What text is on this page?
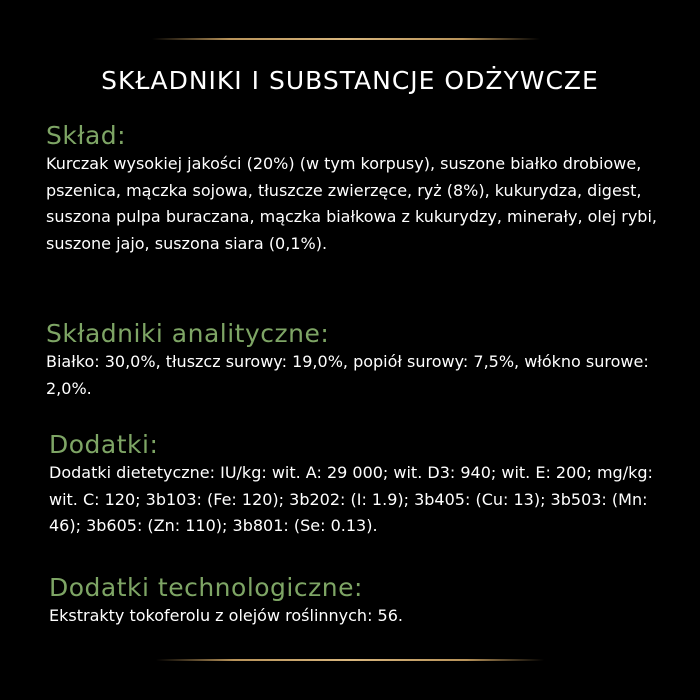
SKŁADNIKI I SUBSTANCJE ODŻYWCZE
Skład:

Kurczak wysokiej jakości (20%) (w tym korpusy), suszone białko drobiowe, pszenica, mączka sojowa, tłuszcze zwierzęce, ryż (8%), kukurydza, digest, suszona pulpa buraczana, mączka białkowa z kukurydzy, minerały, olej rybi, suszone jajo, suszona siara (0,1%).

Składniki analityczne:

Białko: 30,0%, tłuszcz surowy: 19,0%, popiół surowy: 7,5%, włókno surowe: 2,0%.

Dodatki:

Dodatki dietetyczne: IU/kg: wit. A: 29 000; wit. D3: 940; wit. E: 200; mg/kg: wit. C: 120; 3b103: (Fe: 120); 3b202: (I: 1.9); 3b405: (Cu: 13); 3b503: (Mn: 46); 3b605: (Zn: 110); 3b801: (Se: 0.13).

Dodatki technologiczne:

Ekstrakty tokoferolu z olejów roślinnych: 56.
